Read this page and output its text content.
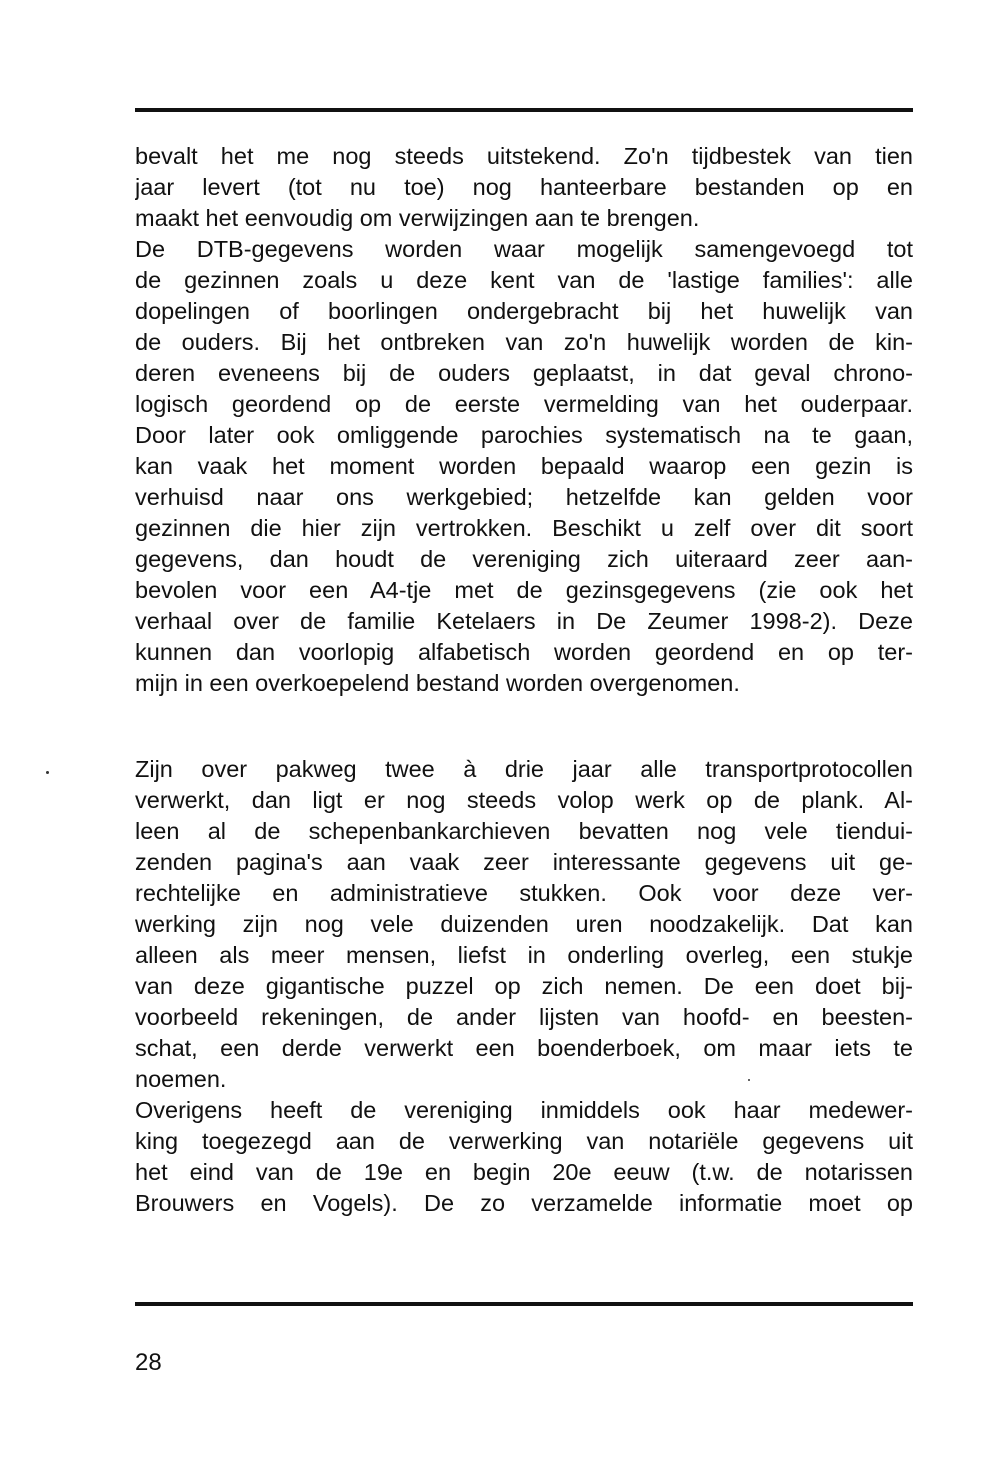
bevalt het me nog steeds uitstekend. Zo'n tijdbestek van tien
jaar levert (tot nu toe) nog hanteerbare bestanden op en
maakt het eenvoudig om verwijzingen aan te brengen.
De DTB-gegevens worden waar mogelijk samengevoegd tot
de gezinnen zoals u deze kent van de 'lastige families': alle
dopelingen of boorlingen ondergebracht bij het huwelijk van
de ouders. Bij het ontbreken van zo'n huwelijk worden de kin-
deren eveneens bij de ouders geplaatst, in dat geval chrono-
logisch geordend op de eerste vermelding van het ouderpaar.
Door later ook omliggende parochies systematisch na te gaan,
kan vaak het moment worden bepaald waarop een gezin is
verhuisd naar ons werkgebied; hetzelfde kan gelden voor
gezinnen die hier zijn vertrokken. Beschikt u zelf over dit soort
gegevens, dan houdt de vereniging zich uiteraard zeer aan-
bevolen voor een A4-tje met de gezinsgegevens (zie ook het
verhaal over de familie Ketelaers in De Zeumer 1998-2). Deze
kunnen dan voorlopig alfabetisch worden geordend en op ter-
mijn in een overkoepelend bestand worden overgenomen.
Zijn over pakweg twee à drie jaar alle transportprotocollen
verwerkt, dan ligt er nog steeds volop werk op de plank. Al-
leen al de schepenbankarchieven bevatten nog vele tiendui-
zenden pagina's aan vaak zeer interessante gegevens uit ge-
rechtelijke en administratieve stukken. Ook voor deze ver-
werking zijn nog vele duizenden uren noodzakelijk. Dat kan
alleen als meer mensen, liefst in onderling overleg, een stukje
van deze gigantische puzzel op zich nemen. De een doet bij-
voorbeeld rekeningen, de ander lijsten van hoofd- en beesten-
schat, een derde verwerkt een boenderboek, om maar iets te
noemen.
Overigens heeft de vereniging inmiddels ook haar medewer-
king toegezegd aan de verwerking van notariële gegevens uit
het eind van de 19e en begin 20e eeuw (t.w. de notarissen
Brouwers en Vogels). De zo verzamelde informatie moet op
28
